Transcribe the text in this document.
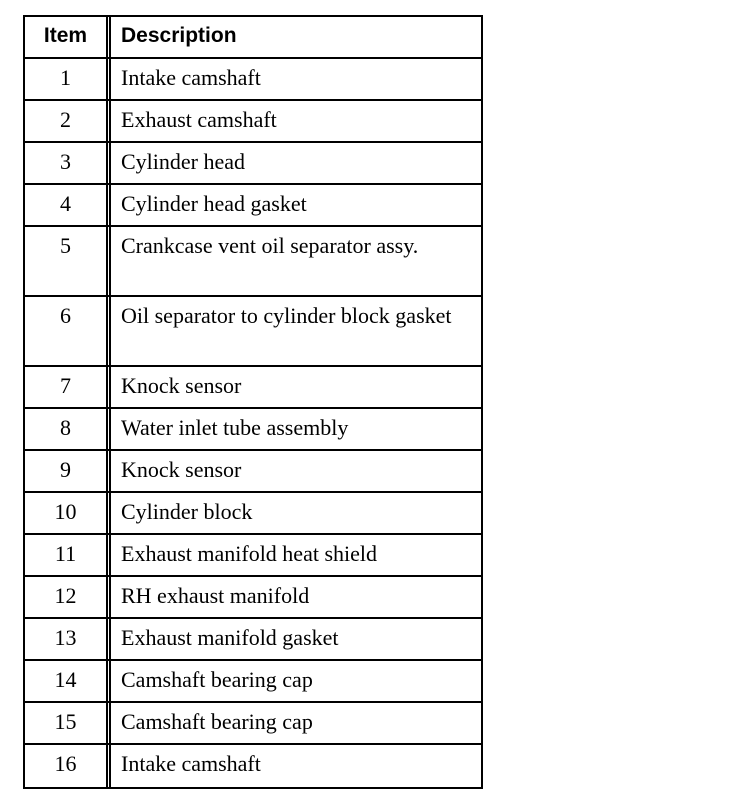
Item	Description
1	Intake camshaft
2	Exhaust camshaft
3	Cylinder head
4	Cylinder head gasket
5	Crankcase vent oil separator assy.
6	Oil separator to cylinder block gasket
7	Knock sensor
8	Water inlet tube assembly
9	Knock sensor
10	Cylinder block
11	Exhaust manifold heat shield
12	RH exhaust manifold
13	Exhaust manifold gasket
14	Camshaft bearing cap
15	Camshaft bearing cap
16	Intake camshaft
